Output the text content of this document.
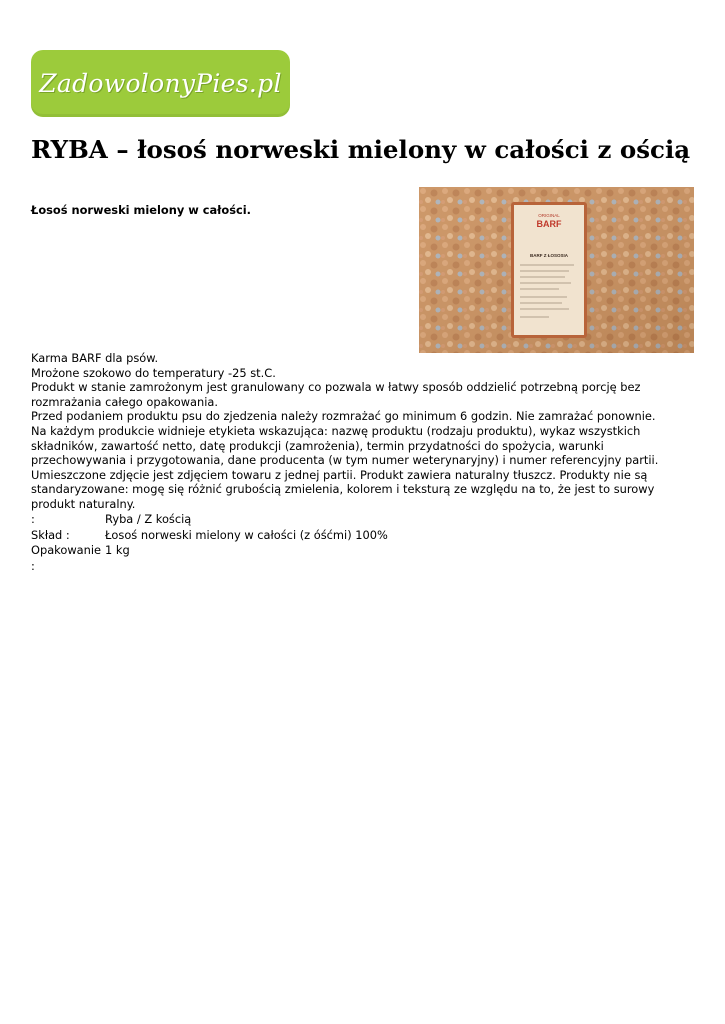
ZadowolonyPies.pl
RYBA – łosoś norweski mielony w całości z ością

Łosoś norweski mielony w całości.	ORIGINAL
BARF
BARF Z ŁOSOSIA

Karma BARF dla psów.

Mrożone szokowo do temperatury -25 st.C.

Produkt w stanie zamrożonym jest granulowany co pozwala w łatwy sposób oddzielić potrzebną porcję bez rozmrażania całego opakowania.

Przed podaniem produktu psu do zjedzenia należy rozmrażać go minimum 6 godzin. Nie zamrażać ponownie.

Na każdym produkcie widnieje etykieta wskazująca: nazwę produktu (rodzaju produktu), wykaz wszystkich składników, zawartość netto, datę produkcji (zamrożenia), termin przydatności do spożycia, warunki przechowywania i przygotowania, dane producenta (w tym numer weterynaryjny) i numer referencyjny partii.

Umieszczone zdjęcie jest zdjęciem towaru z jednej partii. Produkt zawiera naturalny tłuszcz. Produkty nie są standaryzowane: mogę się różnić grubością zmielenia, kolorem i teksturą ze względu na to, że jest to surowy produkt naturalny.

:	Ryba / Z kością
Skład :	Łosoś norweski mielony w całości (z óśćmi) 100%
Opakowanie :	1 kg
